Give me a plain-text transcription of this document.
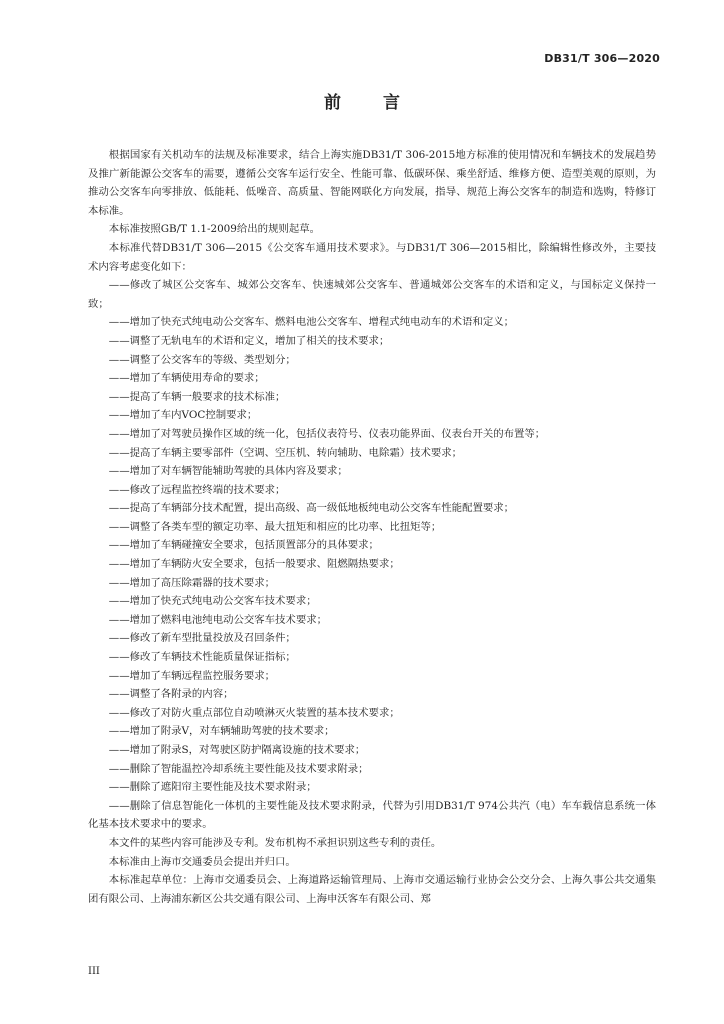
DB31/T 306—2020
前 言

根据国家有关机动车的法规及标准要求，结合上海实施DB31/T 306-2015地方标准的使用情况和车辆技术的发展趋势及推广新能源公交客车的需要，遵循公交客车运行安全、性能可靠、低碳环保、乘坐舒适、维修方便、造型美观的原则，为推动公交客车向零排放、低能耗、低噪音、高质量、智能网联化方向发展，指导、规范上海公交客车的制造和选购，特修订本标准。

本标准按照GB/T 1.1-2009给出的规则起草。

本标准代替DB31/T 306—2015《公交客车通用技术要求》。与DB31/T 306—2015相比，除编辑性修改外，主要技术内容考虑变化如下：

——修改了城区公交客车、城郊公交客车、快速城郊公交客车、普通城郊公交客车的术语和定义，与国标定义保持一致；

——增加了快充式纯电动公交客车、燃料电池公交客车、增程式纯电动车的术语和定义；

——调整了无轨电车的术语和定义，增加了相关的技术要求；

——调整了公交客车的等级、类型划分；

——增加了车辆使用寿命的要求；

——提高了车辆一般要求的技术标准；

——增加了车内VOC控制要求；

——增加了对驾驶员操作区域的统一化，包括仪表符号、仪表功能界面、仪表台开关的布置等；

——提高了车辆主要零部件（空调、空压机、转向辅助、电除霜）技术要求；

——增加了对车辆智能辅助驾驶的具体内容及要求；

——修改了远程监控终端的技术要求；

——提高了车辆部分技术配置，提出高级、高一级低地板纯电动公交客车性能配置要求；

——调整了各类车型的额定功率、最大扭矩和相应的比功率、比扭矩等；

——增加了车辆碰撞安全要求，包括顶置部分的具体要求；

——增加了车辆防火安全要求，包括一般要求、阻燃隔热要求；

——增加了高压除霜器的技术要求；

——增加了快充式纯电动公交客车技术要求；

——增加了燃料电池纯电动公交客车技术要求；

——修改了新车型批量投放及召回条件；

——修改了车辆技术性能质量保证指标；

——增加了车辆远程监控服务要求；

——调整了各附录的内容；

——修改了对防火重点部位自动喷淋灭火装置的基本技术要求；

——增加了附录V，对车辆辅助驾驶的技术要求；

——增加了附录S，对驾驶区防护隔离设施的技术要求；

——删除了智能温控冷却系统主要性能及技术要求附录；

——删除了遮阳帘主要性能及技术要求附录；

——删除了信息智能化一体机的主要性能及技术要求附录，代替为引用DB31/T 974公共汽（电）车车载信息系统一体化基本技术要求中的要求。

本文件的某些内容可能涉及专利。发布机构不承担识别这些专利的责任。

本标准由上海市交通委员会提出并归口。

本标准起草单位：上海市交通委员会、上海道路运输管理局、上海市交通运输行业协会公交分会、上海久事公共交通集团有限公司、上海浦东新区公共交通有限公司、上海申沃客车有限公司、郑

III
